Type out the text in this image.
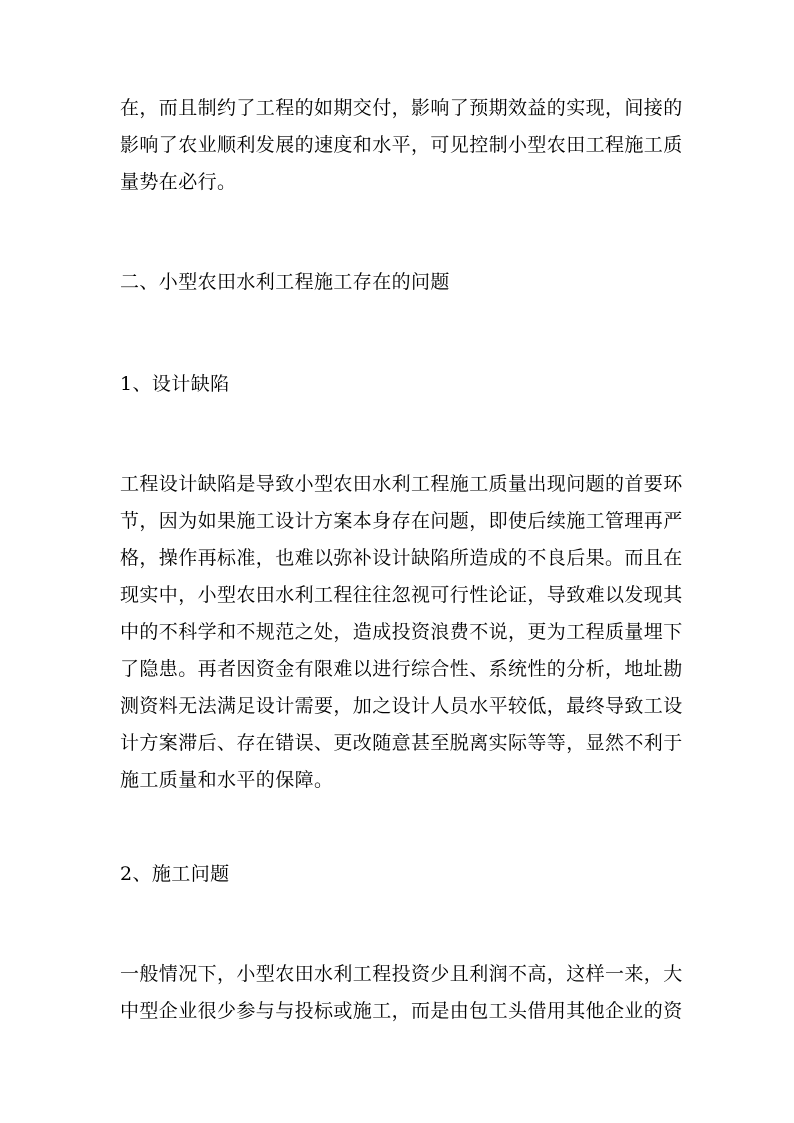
在，而且制约了工程的如期交付，影响了预期效益的实现，间接的
影响了农业顺利发展的速度和水平，可见控制小型农田工程施工质
量势在必行。
二、小型农田水利工程施工存在的问题
1、设计缺陷
工程设计缺陷是导致小型农田水利工程施工质量出现问题的首要环
节，因为如果施工设计方案本身存在问题，即使后续施工管理再严
格，操作再标准，也难以弥补设计缺陷所造成的不良后果。而且在
现实中，小型农田水利工程往往忽视可行性论证，导致难以发现其
中的不科学和不规范之处，造成投资浪费不说，更为工程质量埋下
了隐患。再者因资金有限难以进行综合性、系统性的分析，地址勘
测资料无法满足设计需要，加之设计人员水平较低，最终导致工设
计方案滞后、存在错误、更改随意甚至脱离实际等等，显然不利于
施工质量和水平的保障。
2、施工问题
一般情况下，小型农田水利工程投资少且利润不高，这样一来，大
中型企业很少参与与投标或施工，而是由包工头借用其他企业的资
